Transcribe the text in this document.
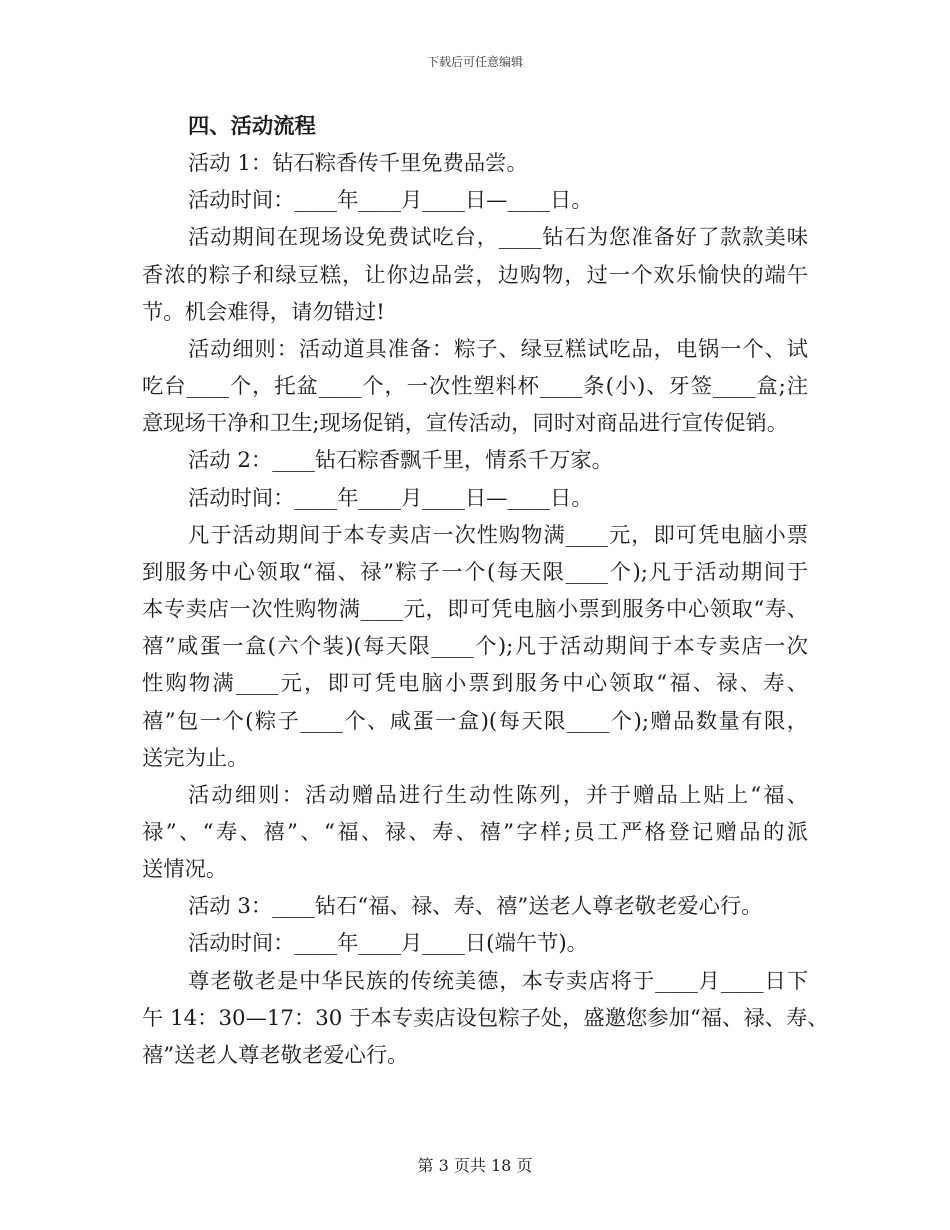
下载后可任意编辑
四、活动流程
活动 1：钻石粽香传千里免费品尝。
活动时间：____年____月____日—____日。
活动期间在现场设免费试吃台，____钻石为您准备好了款款美味
香浓的粽子和绿豆糕，让你边品尝，边购物，过一个欢乐愉快的端午
节。机会难得，请勿错过!
活动细则：活动道具准备：粽子、绿豆糕试吃品，电锅一个、试
吃台____个，托盆____个，一次性塑料杯____条(小)、牙签____盒;注
意现场干净和卫生;现场促销，宣传活动，同时对商品进行宣传促销。
活动 2：____钻石粽香飘千里，情系千万家。
活动时间：____年____月____日—____日。
凡于活动期间于本专卖店一次性购物满____元，即可凭电脑小票
到服务中心领取“福、禄”粽子一个(每天限____个);凡于活动期间于
本专卖店一次性购物满____元，即可凭电脑小票到服务中心领取“寿、
禧”咸蛋一盒(六个装)(每天限____个);凡于活动期间于本专卖店一次
性购物满____元，即可凭电脑小票到服务中心领取“福、禄、寿、
禧”包一个(粽子____个、咸蛋一盒)(每天限____个);赠品数量有限，
送完为止。
活动细则：活动赠品进行生动性陈列，并于赠品上贴上“福、
禄”、“寿、禧”、“福、禄、寿、禧”字样;员工严格登记赠品的派
送情况。
活动 3：____钻石“福、禄、寿、禧”送老人尊老敬老爱心行。
活动时间：____年____月____日(端午节)。
尊老敬老是中华民族的传统美德，本专卖店将于____月____日下
午 14：30—17：30 于本专卖店设包粽子处，盛邀您参加“福、禄、寿、
禧”送老人尊老敬老爱心行。
第 3 页共 18 页
